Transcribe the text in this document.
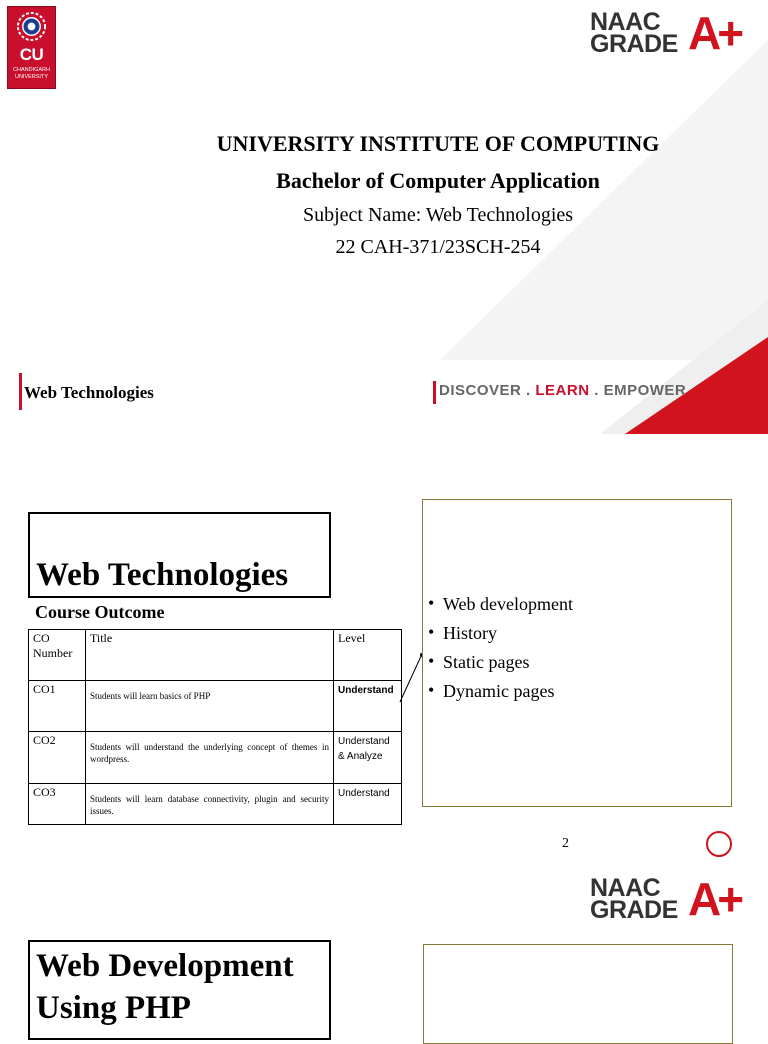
CU
CHANDIGARH
UNIVERSITY
NAAC
GRADE A+
UNIVERSITY INSTITUTE OF COMPUTING
Bachelor of Computer Application
Subject Name: Web Technologies
22 CAH-371/23SCH-254
Web Technologies	DISCOVER . LEARN . EMPOWER
Web Technologies
Course Outcome
CO Number	Title	Level
CO1	Students will learn basics of PHP	Understand
CO2	Students will understand the underlying concept of themes in wordpress.	Understand & Analyze
CO3	Students will learn database connectivity, plugin and security issues.	Understand
• Web development
• History
• Static pages
• Dynamic pages
2
NAAC
GRADE A+
Web Development
Using PHP
